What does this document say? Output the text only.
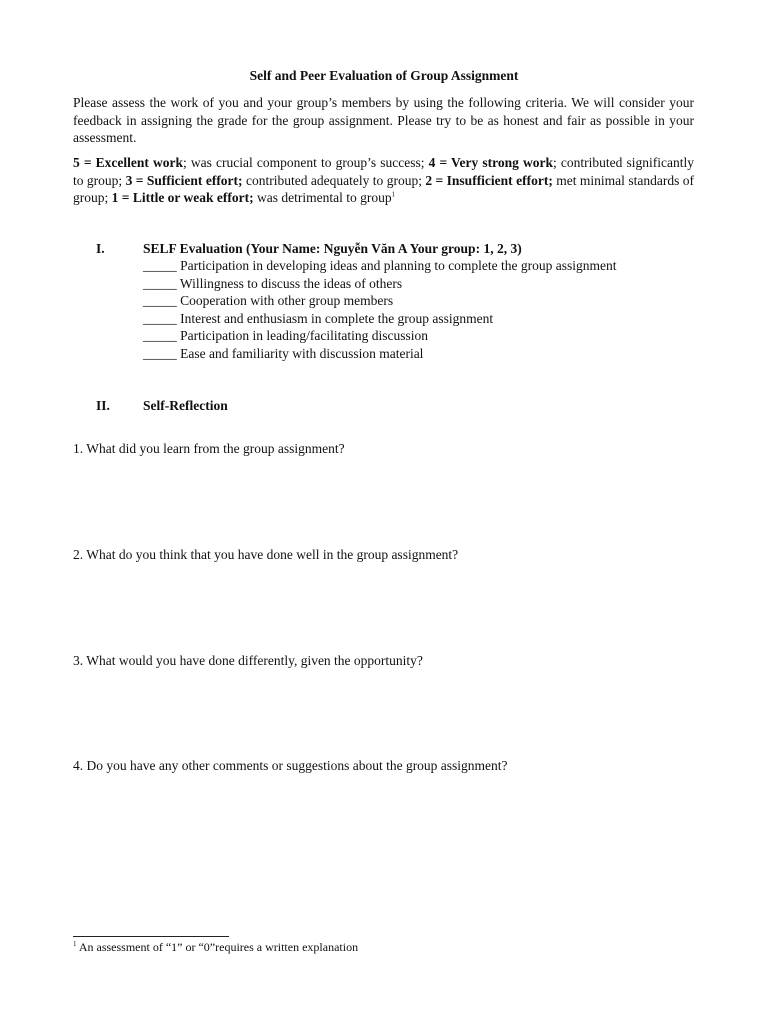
Self and Peer Evaluation of Group Assignment
Please assess the work of you and your group’s members by using the following criteria. We will consider your feedback in assigning the grade for the group assignment. Please try to be as honest and fair as possible in your assessment.
5 = Excellent work; was crucial component to group’s success; 4 = Very strong work; contributed significantly to group; 3 = Sufficient effort; contributed adequately to group; 2 = Insufficient effort; met minimal standards of group; 1 = Little or weak effort; was detrimental to group$^1$
I.	SELF Evaluation (Your Name: Nguyễn Văn A Your group: 1, 2, 3)
_____ Participation in developing ideas and planning to complete the group assignment
_____ Willingness to discuss the ideas of others
_____ Cooperation with other group members
_____ Interest and enthusiasm in complete the group assignment
_____ Participation in leading/facilitating discussion
_____ Ease and familiarity with discussion material
II. Self-Reflection
1. What did you learn from the group assignment?
2. What do you think that you have done well in the group assignment?
3. What would you have done differently, given the opportunity?
4. Do you have any other comments or suggestions about the group assignment?
$^1$ An assessment of “1” or “0”requires a written explanation
